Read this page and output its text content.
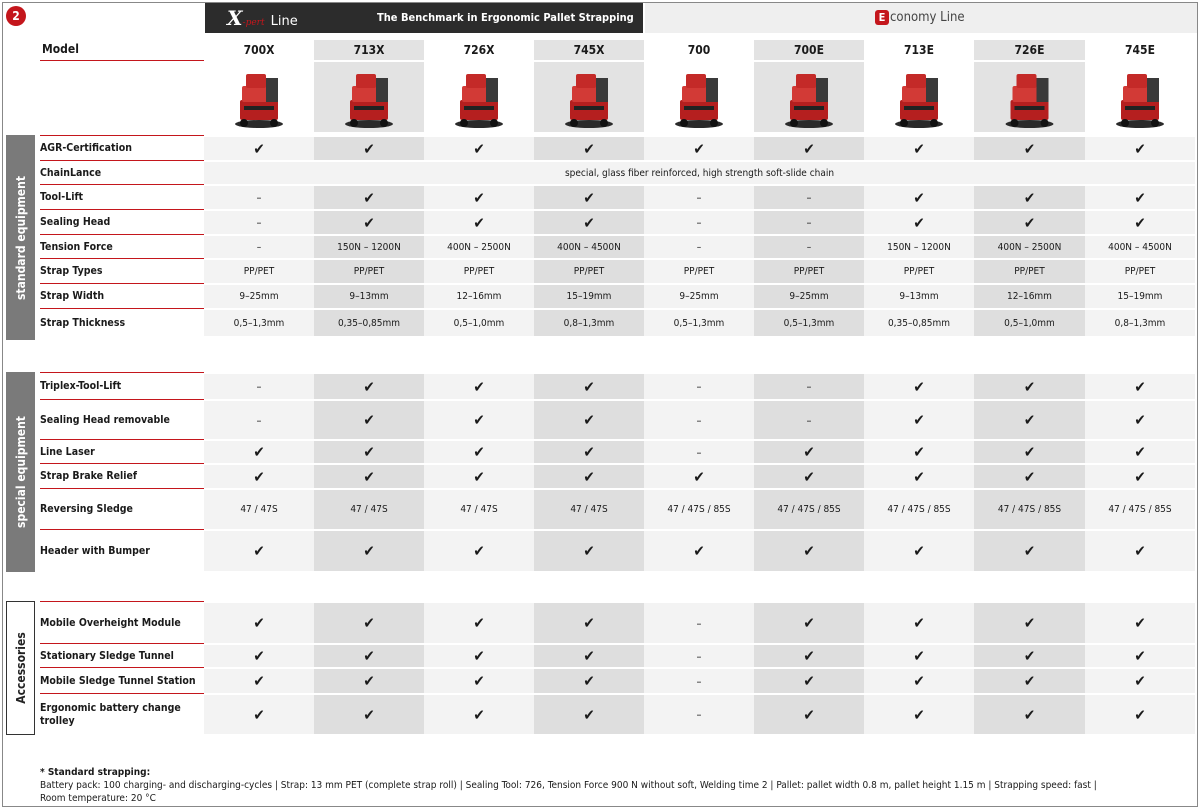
2	X-pert Line	The Benchmark in Ergonomic Pallet Strapping	E conomy Line
Model	700X	713X	726X	745X	700	700E	713E	726E	745E
standard equipment
special equipment
Accessories
AGR-Certification	✔	✔	✔	✔	✔	✔	✔	✔	✔
ChainLance	special, glass fiber reinforced, high strength soft-slide chain
Tool-Lift	–	✔	✔	✔	–	–	✔	✔	✔
Sealing Head	–	✔	✔	✔	–	–	✔	✔	✔
Tension Force	–	150N – 1200N	400N – 2500N	400N – 4500N	–	–	150N – 1200N	400N – 2500N	400N – 4500N
Strap Types	PP/PET	PP/PET	PP/PET	PP/PET	PP/PET	PP/PET	PP/PET	PP/PET	PP/PET
Strap Width	9–25mm	9–13mm	12–16mm	15–19mm	9–25mm	9–25mm	9–13mm	12–16mm	15–19mm
Strap Thickness	0,5–1,3mm	0,35–0,85mm	0,5–1,0mm	0,8–1,3mm	0,5–1,3mm	0,5–1,3mm	0,35–0,85mm	0,5–1,0mm	0,8–1,3mm
Triplex-Tool-Lift	–	✔	✔	✔	–	–	✔	✔	✔
Sealing Head removable	–	✔	✔	✔	–	–	✔	✔	✔
Line Laser	✔	✔	✔	✔	–	✔	✔	✔	✔
Strap Brake Relief	✔	✔	✔	✔	✔	✔	✔	✔	✔
Reversing Sledge	47 / 47S	47 / 47S	47 / 47S	47 / 47S	47 / 47S / 85S	47 / 47S / 85S	47 / 47S / 85S	47 / 47S / 85S	47 / 47S / 85S
Header with Bumper	✔	✔	✔	✔	✔	✔	✔	✔	✔
Mobile Overheight Module	✔	✔	✔	✔	–	✔	✔	✔	✔
Stationary Sledge Tunnel	✔	✔	✔	✔	–	✔	✔	✔	✔
Mobile Sledge Tunnel Station	✔	✔	✔	✔	–	✔	✔	✔	✔
Ergonomic battery change trolley	✔	✔	✔	✔	–	✔	✔	✔	✔
* Standard strapping:
Battery pack: 100 charging- and discharging-cycles | Strap: 13 mm PET (complete strap roll) | Sealing Tool: 726, Tension Force 900 N without soft, Welding time 2 | Pallet: pallet width 0.8 m, pallet height 1.15 m | Strapping speed: fast |
Room temperature: 20 °C
